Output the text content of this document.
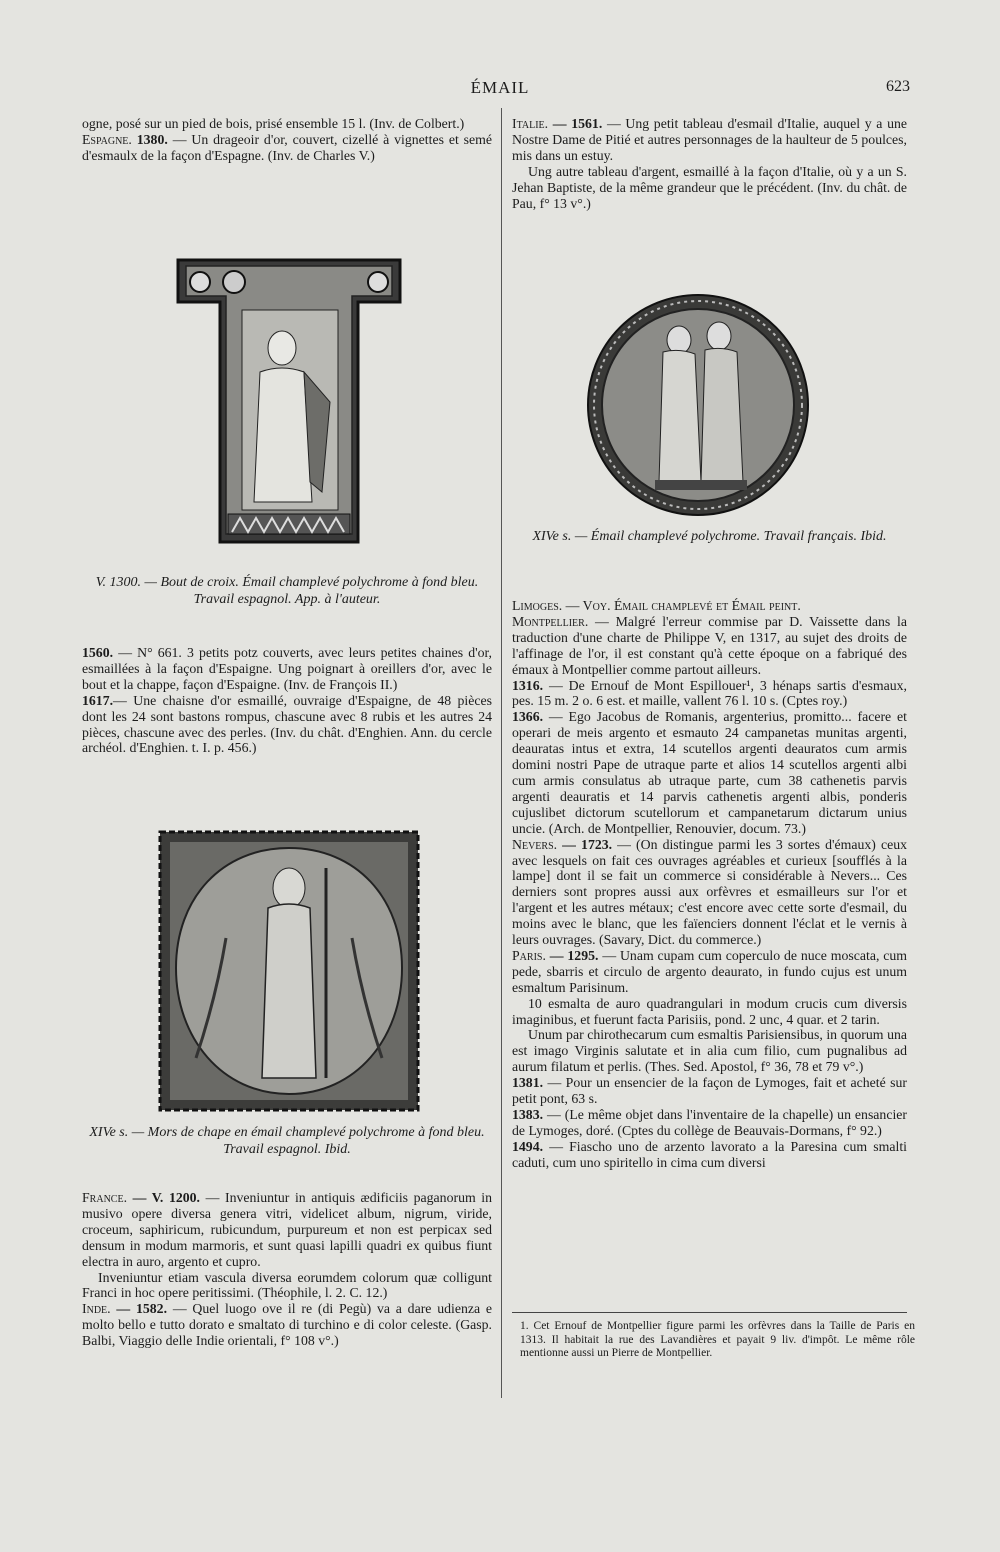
ÉMAIL	623

ogne, posé sur un pied de bois, prisé ensemble 15 l. (Inv. de Colbert.)

Espagne. 1380. — Un drageoir d'or, couvert, cizellé à vignettes et semé d'esmaulx de la façon d'Espagne. (Inv. de Charles V.)

V. 1300. — Bout de croix. Émail champlevé polychrome à fond bleu. Travail espagnol. App. à l'auteur.

1560. — N° 661. 3 petits potz couverts, avec leurs petites chaines d'or, esmaillées à la façon d'Espaigne. Ung poignart à oreillers d'or, avec le bout et la chappe, façon d'Espaigne. (Inv. de François II.)

1617.— Une chaisne d'or esmaillé, ouvraige d'Espaigne, de 48 pièces dont les 24 sont bastons rompus, chascune avec 8 rubis et les autres 24 pièces, chascune avec des perles. (Inv. du chât. d'Enghien. Ann. du cercle archéol. d'Enghien. t. I. p. 456.)

XIVe s. — Mors de chape en émail champlevé polychrome à fond bleu. Travail espagnol. Ibid.

France. — V. 1200. — Inveniuntur in antiquis ædificiis paganorum in musivo opere diversa genera vitri, videlicet album, nigrum, viride, croceum, saphiricum, rubicundum, purpureum et non est perpicax sed densum in modum marmoris, et sunt quasi lapilli quadri ex quibus fiunt electra in auro, argento et cupro.

Inveniuntur etiam vascula diversa eorumdem colorum quæ colligunt Franci in hoc opere peritissimi. (Théophile, l. 2. C. 12.)

Inde. — 1582. — Quel luogo ove il re (di Pegù) va a dare udienza e molto bello e tutto dorato e smaltato di turchino e di color celeste. (Gasp. Balbi, Viaggio delle Indie orientali, f° 108 v°.)

Italie. — 1561. — Ung petit tableau d'esmail d'Italie, auquel y a une Nostre Dame de Pitié et autres personnages de la haulteur de 5 poulces, mis dans un estuy.

Ung autre tableau d'argent, esmaillé à la façon d'Italie, où y a un S. Jehan Baptiste, de la même grandeur que le précédent. (Inv. du chât. de Pau, f° 13 v°.)

XIVe s. — Émail champlevé polychrome. Travail français. Ibid.

Limoges. — Voy. Émail champlevé et Émail peint.

Montpellier. — Malgré l'erreur commise par D. Vaissette dans la traduction d'une charte de Philippe V, en 1317, au sujet des droits de l'affinage de l'or, il est constant qu'à cette époque on a fabriqué des émaux à Montpellier comme partout ailleurs.

1316. — De Ernouf de Mont Espillouer¹, 3 hénaps sartis d'esmaux, pes. 15 m. 2 o. 6 est. et maille, vallent 76 l. 10 s. (Cptes roy.)

1366. — Ego Jacobus de Romanis, argenterius, promitto... facere et operari de meis argento et esmauto 24 campanetas munitas argenti, deauratas intus et extra, 14 scutellos argenti deauratos cum armis domini nostri Pape de utraque parte et alios 14 scutellos argenti albi cum armis consulatus ab utraque parte, cum 38 cathenetis parvis argenti deauratis et 14 parvis cathenetis argenti albis, ponderis cujuslibet dictorum scutellorum et campanetarum dictarum unius uncie. (Arch. de Montpellier, Renouvier, docum. 73.)

Nevers. — 1723. — (On distingue parmi les 3 sortes d'émaux) ceux avec lesquels on fait ces ouvrages agréables et curieux [soufflés à la lampe] dont il se fait un commerce si considérable à Nevers... Ces derniers sont propres aussi aux orfèvres et esmailleurs sur l'or et l'argent et les autres métaux; c'est encore avec cette sorte d'esmail, du moins avec le blanc, que les faïenciers donnent l'éclat et le vernis à leurs ouvrages. (Savary, Dict. du commerce.)

Paris. — 1295. — Unam cupam cum coperculo de nuce moscata, cum pede, sbarris et circulo de argento deaurato, in fundo cujus est unum esmaltum Parisinum.

10 esmalta de auro quadrangulari in modum crucis cum diversis imaginibus, et fuerunt facta Parisiis, pond. 2 unc, 4 quar. et 2 tarin.

Unum par chirothecarum cum esmaltis Parisiensibus, in quorum una est imago Virginis salutate et in alia cum filio, cum pugnalibus ad aurum filatum et perlis. (Thes. Sed. Apostol, f° 36, 78 et 79 v°.)

1381. — Pour un ensencier de la façon de Lymoges, fait et acheté sur petit pont, 63 s.

1383. — (Le même objet dans l'inventaire de la chapelle) un ensancier de Lymoges, doré. (Cptes du collège de Beauvais-Dormans, f° 92.)

1494. — Fiascho uno de arzento lavorato a la Paresina cum smalti caduti, cum uno spiritello in cima cum diversi

1. Cet Ernouf de Montpellier figure parmi les orfèvres dans la Taille de Paris en 1313. Il habitait la rue des Lavandières et payait 9 liv. d'impôt. Le même rôle mentionne aussi un Pierre de Montpellier.
